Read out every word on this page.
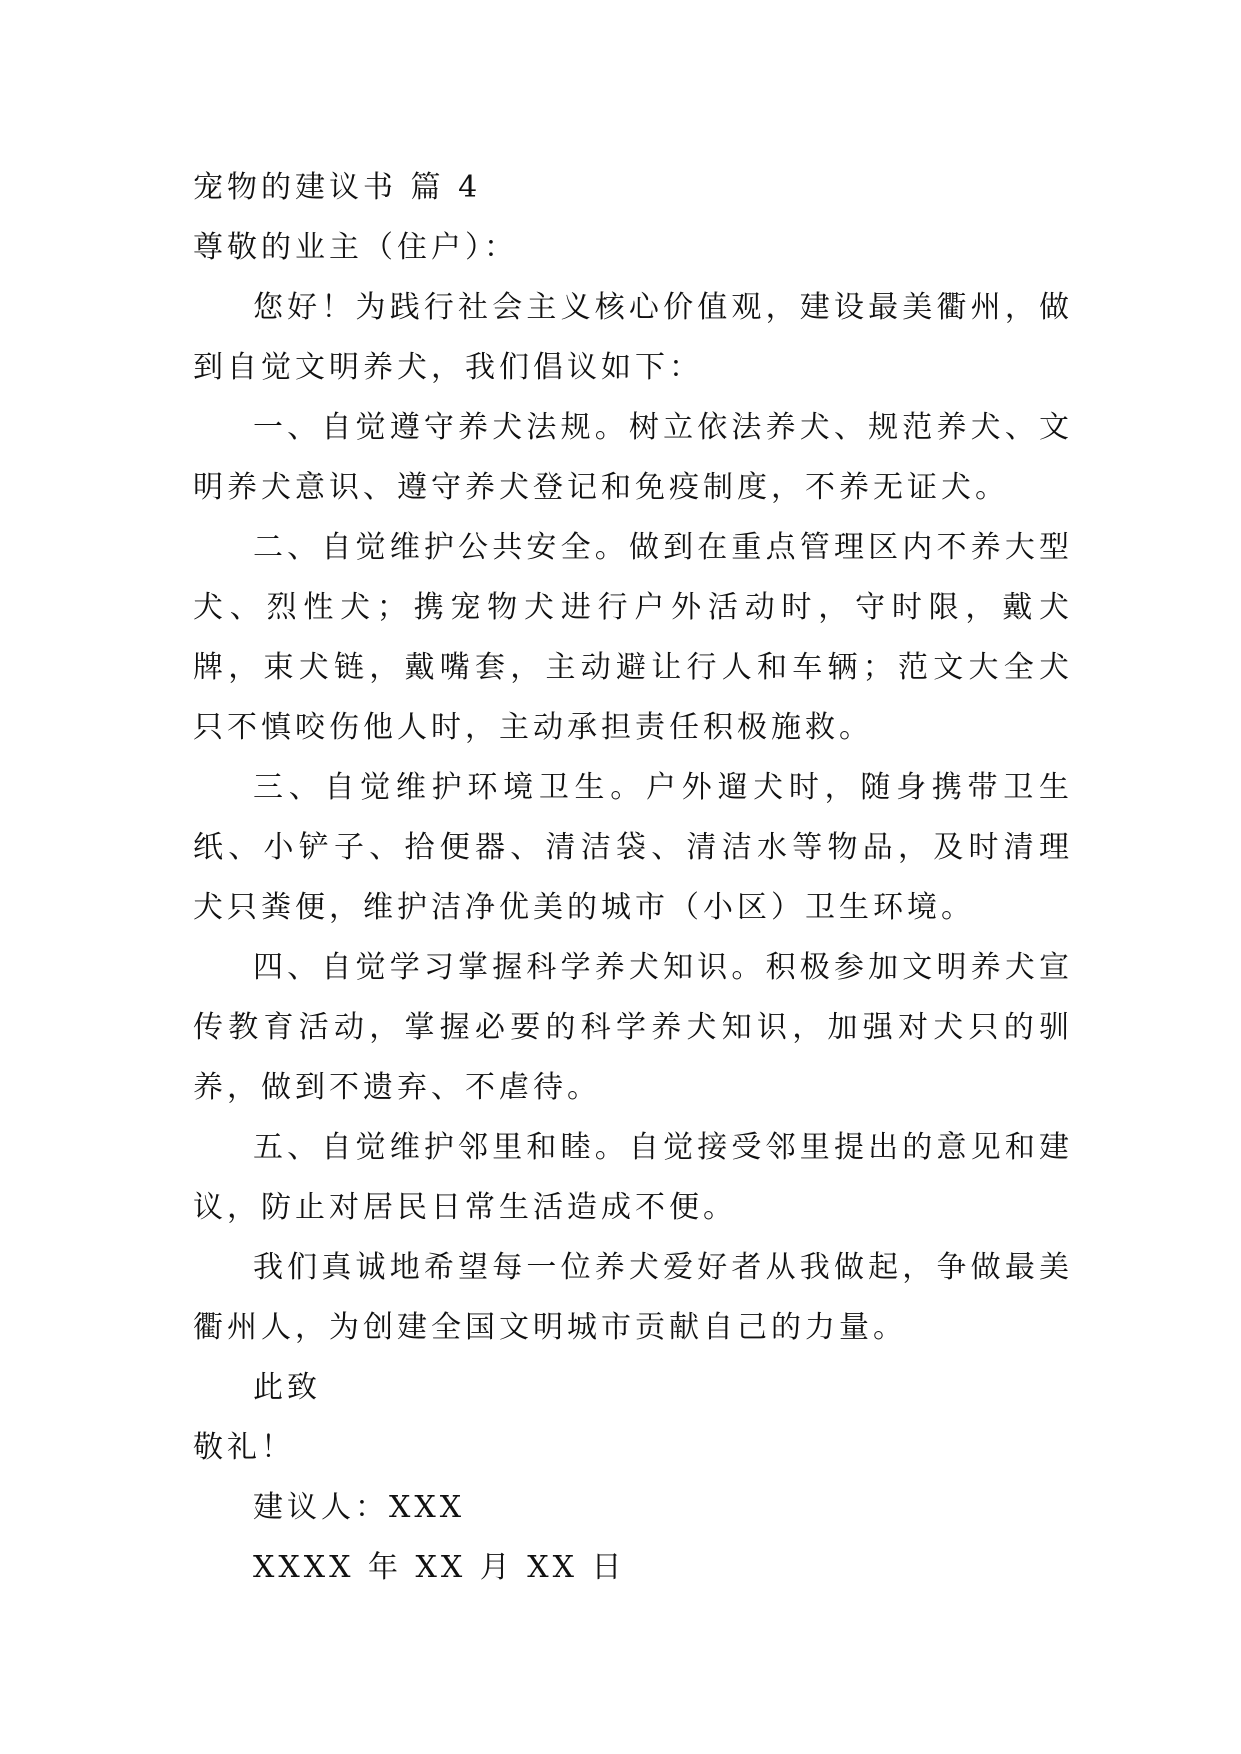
宠物的建议书 篇 4

尊敬的业主（住户）：

您好！为践行社会主义核心价值观，建设最美衢州，做到自觉文明养犬，我们倡议如下：

一、自觉遵守养犬法规。树立依法养犬、规范养犬、文明养犬意识、遵守养犬登记和免疫制度，不养无证犬。

二、自觉维护公共安全。做到在重点管理区内不养大型犬、烈性犬；携宠物犬进行户外活动时，守时限，戴犬牌，束犬链，戴嘴套，主动避让行人和车辆；范文大全犬只不慎咬伤他人时，主动承担责任积极施救。

三、自觉维护环境卫生。户外遛犬时，随身携带卫生纸、小铲子、拾便器、清洁袋、清洁水等物品，及时清理犬只粪便，维护洁净优美的城市（小区）卫生环境。

四、自觉学习掌握科学养犬知识。积极参加文明养犬宣传教育活动，掌握必要的科学养犬知识，加强对犬只的驯养，做到不遗弃、不虐待。

五、自觉维护邻里和睦。自觉接受邻里提出的意见和建议，防止对居民日常生活造成不便。

我们真诚地希望每一位养犬爱好者从我做起，争做最美衢州人，为创建全国文明城市贡献自己的力量。

此致

敬礼！

建议人：XXX

XXXX 年 XX 月 XX 日
